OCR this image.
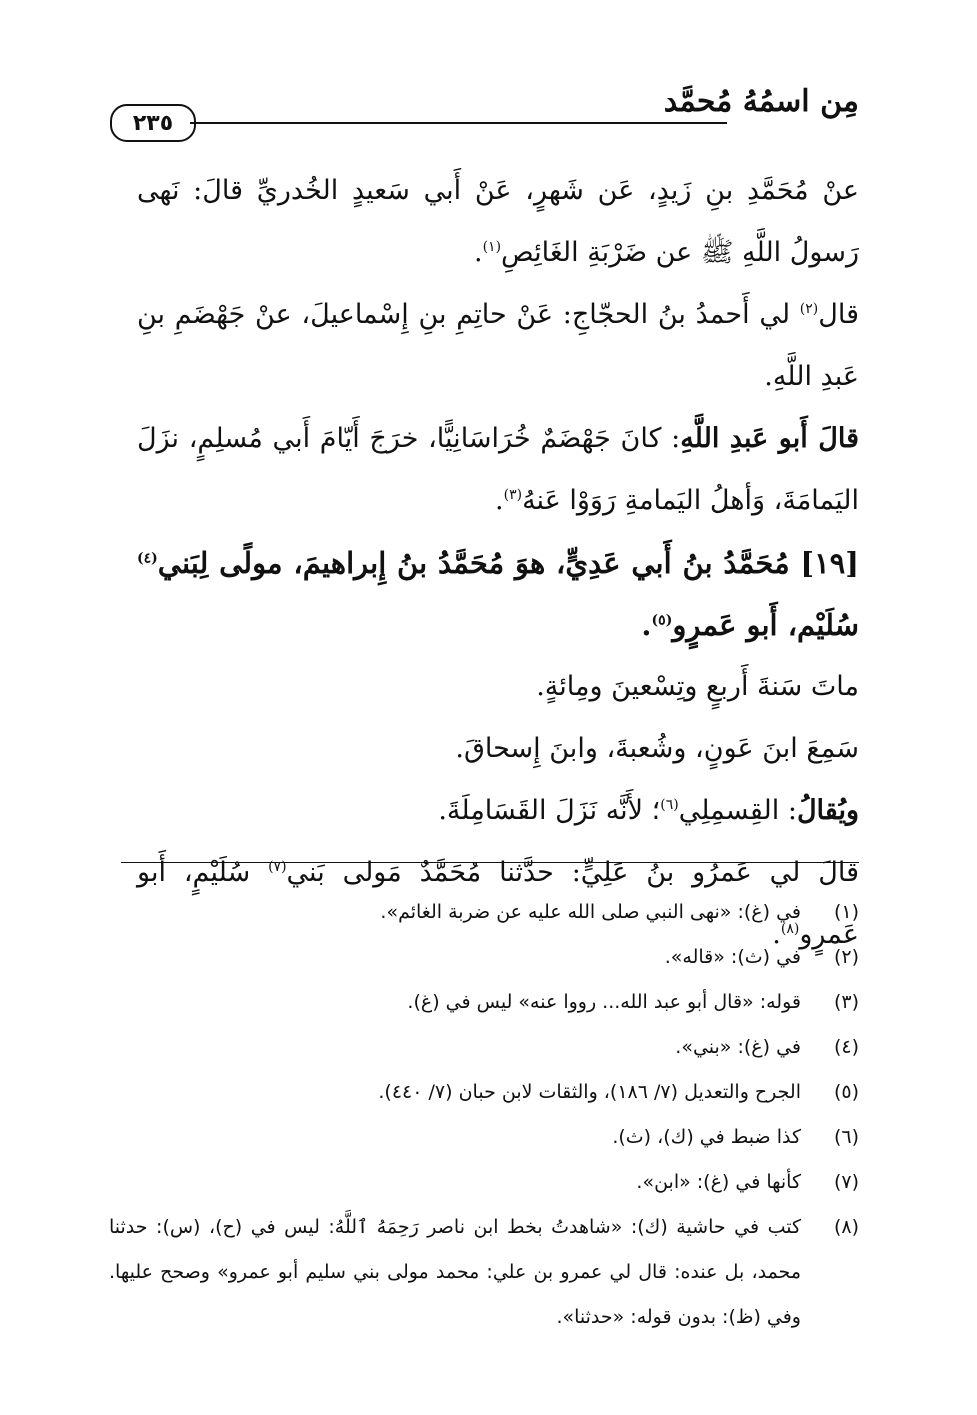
مِن اسمُهُ مُحمَّد
٢٣٥

عنْ مُحَمَّدِ بنِ زَيدٍ، عَن شَهرٍ، عَنْ أَبي سَعيدٍ الخُدريِّ قالَ: نَهى رَسولُ اللَّهِ ﷺ عن ضَرْبَةِ الغَائِصِ$^{(١)}$.

قال$^{(٢)}$ لي أَحمدُ بنُ الحجّاجِ: عَنْ حاتِمِ بنِ إِسْماعيلَ، عنْ جَهْضَمِ بنِ عَبدِ اللَّهِ.

قالَ أَبو عَبدِ اللَّهِ: كانَ جَهْضَمٌ خُرَاسَانِيًّا، خرَجَ أَيّامَ أَبي مُسلِمٍ، نزَلَ اليَمامَةَ، وَأهلُ اليَمامةِ رَوَوْا عَنهُ$^{(٣)}$.

[١٩] مُحَمَّدُ بنُ أَبي عَدِيٍّ، هوَ مُحَمَّدُ بنُ إِبراهيمَ، مولًى لِبَني$^{(٤)}$ سُلَيْم، أَبو عَمرٍو$^{(٥)}$.

ماتَ سَنةَ أَربعٍ وتِسْعينَ ومِائةٍ.

سَمِعَ ابنَ عَونٍ، وشُعبةَ، وابنَ إِسحاقَ.

ويُقالُ: القِسمِلِي$^{(٦)}$؛ لأَنَّه نَزَلَ القَسَامِلَةَ.

قالَ لي عَمرُو بنُ عَلِيٍّ: حدَّثنا مُحَمَّدٌ مَولى بَني$^{(٧)}$ سُلَيْمٍ، أَبو عَمرٍو$^{(٨)}$.

(١)
في (غ): «نهى النبي صلى الله عليه عن ضربة الغائم».
(٢)
في (ث): «قاله».
(٣)
قوله: «قال أبو عبد الله... رووا عنه» ليس في (غ).
(٤)
في (غ): «بني».
(٥)
الجرح والتعديل (٧/ ١٨٦)، والثقات لابن حبان (٧/ ٤٤٠).
(٦)
كذا ضبط في (ك)، (ث).
(٧)
كأنها في (غ): «ابن».
(٨)
كتب في حاشية (ك): «شاهدتُ بخط ابن ناصر رَحِمَهُ ٱللَّهُ: ليس في (ح)، (س): حدثنا محمد، بل عنده: قال لي عمرو بن علي: محمد مولى بني سليم أبو عمرو» وصحح عليها. وفي (ظ): بدون قوله: «حدثنا».
